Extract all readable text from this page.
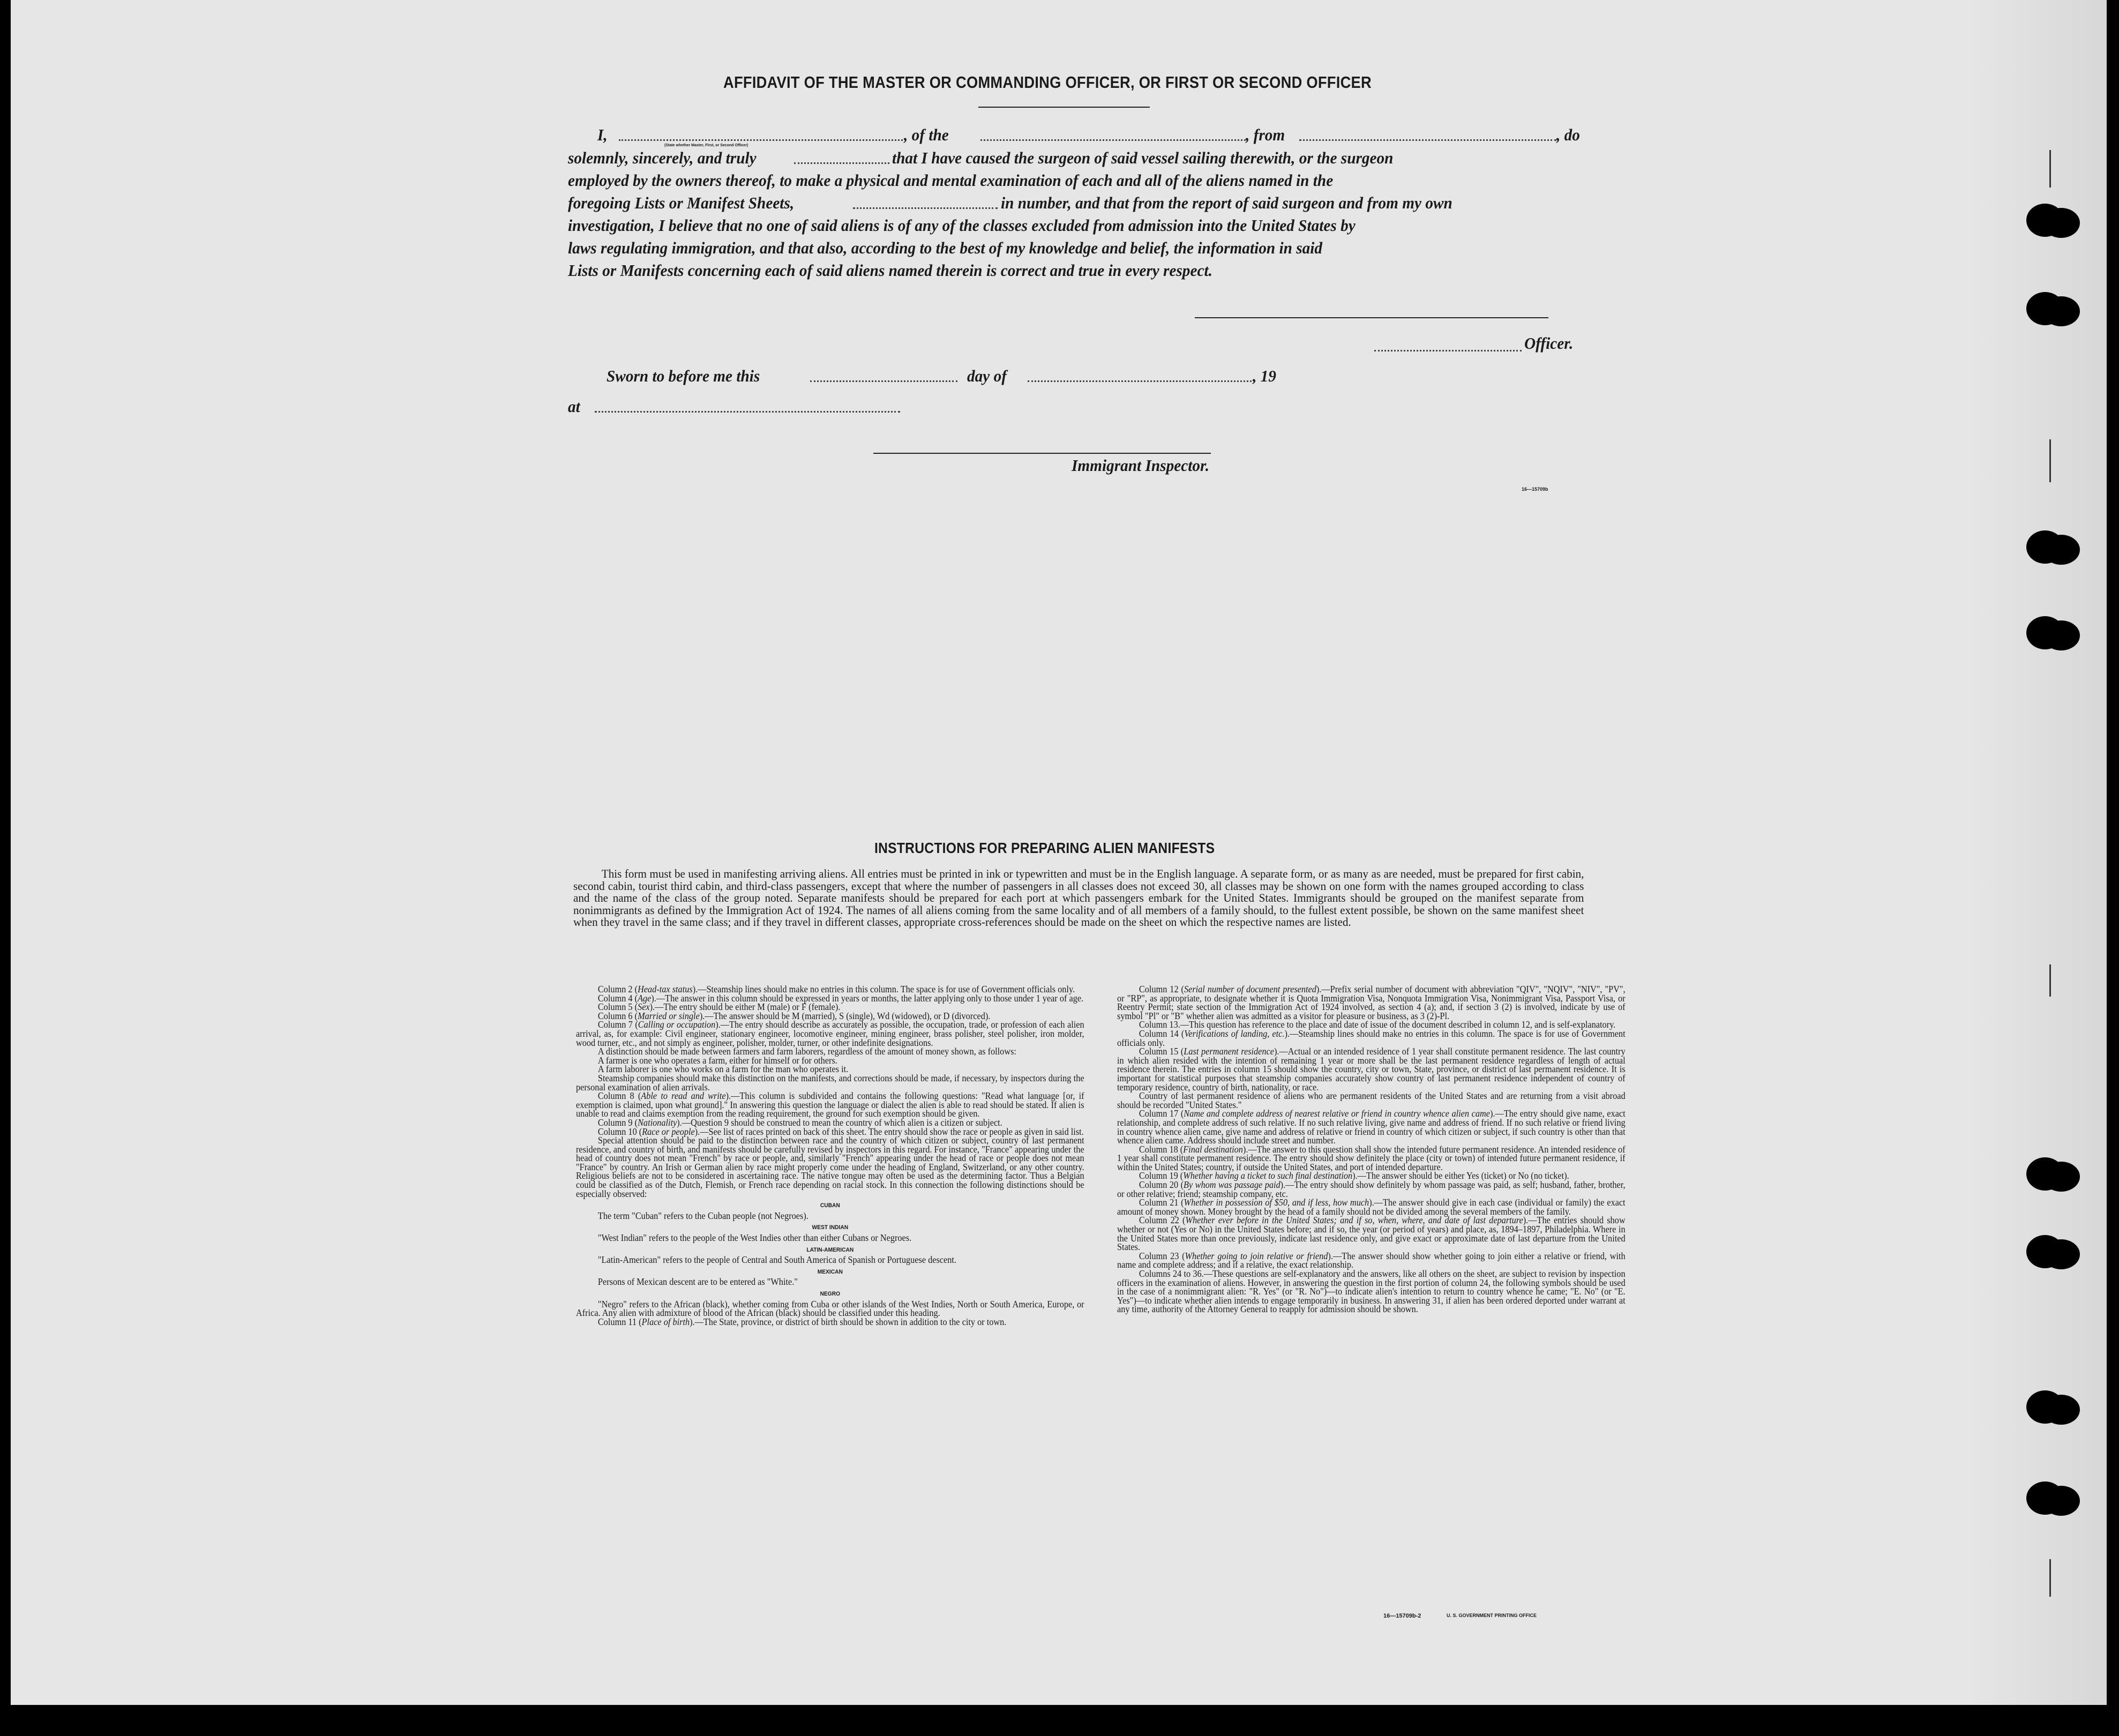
AFFIDAVIT OF THE MASTER OR COMMANDING OFFICER, OR FIRST OR SECOND OFFICER
I,
(State whether Master, First, or Second Officer)
, of the	, from	, do
solemnly, sincerely, and truly	that I have caused the surgeon of said vessel sailing therewith, or the surgeon
employed by the owners thereof, to make a physical and mental examination of each and all of the aliens named in the
foregoing Lists or Manifest Sheets,	in number, and that from the report of said surgeon and from my own
investigation, I believe that no one of said aliens is of any of the classes excluded from admission into the United States by
laws regulating immigration, and that also, according to the best of my knowledge and belief, the information in said
Lists or Manifests concerning each of said aliens named therein is correct and true in every respect.
Officer.
Sworn to before me this	day of	, 19
at
Immigrant Inspector.
16—15709b
INSTRUCTIONS FOR PREPARING ALIEN MANIFESTS
This form must be used in manifesting arriving aliens. All entries must be printed in ink or typewritten and must be in the English language. A separate form, or as many as are needed, must be prepared for first cabin, second cabin, tourist third cabin, and third-class passengers, except that where the number of passengers in all classes does not exceed 30, all classes may be shown on one form with the names grouped according to class and the name of the class of the group noted. Separate manifests should be prepared for each port at which passengers embark for the United States. Immigrants should be grouped on the manifest separate from nonimmigrants as defined by the Immigration Act of 1924. The names of all aliens coming from the same locality and of all members of a family should, to the fullest extent possible, be shown on the same manifest sheet when they travel in the same class; and if they travel in different classes, appropriate cross-references should be made on the sheet on which the respective names are listed.

Column 2 (Head-tax status).—Steamship lines should make no entries in this column. The space is for use of Government officials only.

Column 4 (Age).—The answer in this column should be expressed in years or months, the latter applying only to those under 1 year of age.

Column 5 (Sex).—The entry should be either M (male) or F (female).

Column 6 (Married or single).—The answer should be M (married), S (single), Wd (widowed), or D (divorced).

Column 7 (Calling or occupation).—The entry should describe as accurately as possible, the occupation, trade, or profession of each alien arrival, as, for example: Civil engineer, stationary engineer, locomotive engineer, mining engineer, brass polisher, steel polisher, iron molder, wood turner, etc., and not simply as engineer, polisher, molder, turner, or other indefinite designations.

A distinction should be made between farmers and farm laborers, regardless of the amount of money shown, as follows:

A farmer is one who operates a farm, either for himself or for others.

A farm laborer is one who works on a farm for the man who operates it.

Steamship companies should make this distinction on the manifests, and corrections should be made, if necessary, by inspectors during the personal examination of alien arrivals.

Column 8 (Able to read and write).—This column is subdivided and contains the following questions: "Read what language [or, if exemption is claimed, upon what ground]." In answering this question the language or dialect the alien is able to read should be stated. If alien is unable to read and claims exemption from the reading requirement, the ground for such exemption should be given.

Column 9 (Nationality).—Question 9 should be construed to mean the country of which alien is a citizen or subject.

Column 10 (Race or people).—See list of races printed on back of this sheet. The entry should show the race or people as given in said list.

Special attention should be paid to the distinction between race and the country of which citizen or subject, country of last permanent residence, and country of birth, and manifests should be carefully revised by inspectors in this regard. For instance, "France" appearing under the head of country does not mean "French" by race or people, and, similarly "French" appearing under the head of race or people does not mean "France" by country. An Irish or German alien by race might properly come under the heading of England, Switzerland, or any other country. Religious beliefs are not to be considered in ascertaining race. The native tongue may often be used as the determining factor. Thus a Belgian could be classified as of the Dutch, Flemish, or French race depending on racial stock. In this connection the following distinctions should be especially observed:

CUBAN

The term "Cuban" refers to the Cuban people (not Negroes).

WEST INDIAN

"West Indian" refers to the people of the West Indies other than either Cubans or Negroes.

LATIN-AMERICAN

"Latin-American" refers to the people of Central and South America of Spanish or Portuguese descent.

MEXICAN

Persons of Mexican descent are to be entered as "White."

NEGRO

"Negro" refers to the African (black), whether coming from Cuba or other islands of the West Indies, North or South America, Europe, or Africa. Any alien with admixture of blood of the African (black) should be classified under this heading.

Column 11 (Place of birth).—The State, province, or district of birth should be shown in addition to the city or town.

Column 12 (Serial number of document presented).—Prefix serial number of document with abbreviation "QIV", "NQIV", "NIV", "PV", or "RP", as appropriate, to designate whether it is Quota Immigration Visa, Nonquota Immigration Visa, Nonimmigrant Visa, Passport Visa, or Reentry Permit; state section of the Immigration Act of 1924 involved, as section 4 (a); and, if section 3 (2) is involved, indicate by use of symbol "Pl" or "B" whether alien was admitted as a visitor for pleasure or business, as 3 (2)-Pl.

Column 13.—This question has reference to the place and date of issue of the document described in column 12, and is self-explanatory.

Column 14 (Verifications of landing, etc.).—Steamship lines should make no entries in this column. The space is for use of Government officials only.

Column 15 (Last permanent residence).—Actual or an intended residence of 1 year shall constitute permanent residence. The last country in which alien resided with the intention of remaining 1 year or more shall be the last permanent residence regardless of length of actual residence therein. The entries in column 15 should show the country, city or town, State, province, or district of last permanent residence. It is important for statistical purposes that steamship companies accurately show country of last permanent residence independent of country of temporary residence, country of birth, nationality, or race.

Country of last permanent residence of aliens who are permanent residents of the United States and are returning from a visit abroad should be recorded "United States."

Column 17 (Name and complete address of nearest relative or friend in country whence alien came).—The entry should give name, exact relationship, and complete address of such relative. If no such relative living, give name and address of friend. If no such relative or friend living in country whence alien came, give name and address of relative or friend in country of which citizen or subject, if such country is other than that whence alien came. Address should include street and number.

Column 18 (Final destination).—The answer to this question shall show the intended future permanent residence. An intended residence of 1 year shall constitute permanent residence. The entry should show definitely the place (city or town) of intended future permanent residence, if within the United States; country, if outside the United States, and port of intended departure.

Column 19 (Whether having a ticket to such final destination).—The answer should be either Yes (ticket) or No (no ticket).

Column 20 (By whom was passage paid).—The entry should show definitely by whom passage was paid, as self; husband, father, brother, or other relative; friend; steamship company, etc.

Column 21 (Whether in possession of $50, and if less, how much).—The answer should give in each case (individual or family) the exact amount of money shown. Money brought by the head of a family should not be divided among the several members of the family.

Column 22 (Whether ever before in the United States; and if so, when, where, and date of last departure).—The entries should show whether or not (Yes or No) in the United States before; and if so, the year (or period of years) and place, as, 1894–1897, Philadelphia. Where in the United States more than once previously, indicate last residence only, and give exact or approximate date of last departure from the United States.

Column 23 (Whether going to join relative or friend).—The answer should show whether going to join either a relative or friend, with name and complete address; and if a relative, the exact relationship.

Columns 24 to 36.—These questions are self-explanatory and the answers, like all others on the sheet, are subject to revision by inspection officers in the examination of aliens. However, in answering the question in the first portion of column 24, the following symbols should be used in the case of a nonimmigrant alien: "R. Yes" (or "R. No")—to indicate alien's intention to return to country whence he came; "E. No" (or "E. Yes")—to indicate whether alien intends to engage temporarily in business. In answering 31, if alien has been ordered deported under warrant at any time, authority of the Attorney General to reapply for admission should be shown.

16—15709b-2	U. S. GOVERNMENT PRINTING OFFICE
